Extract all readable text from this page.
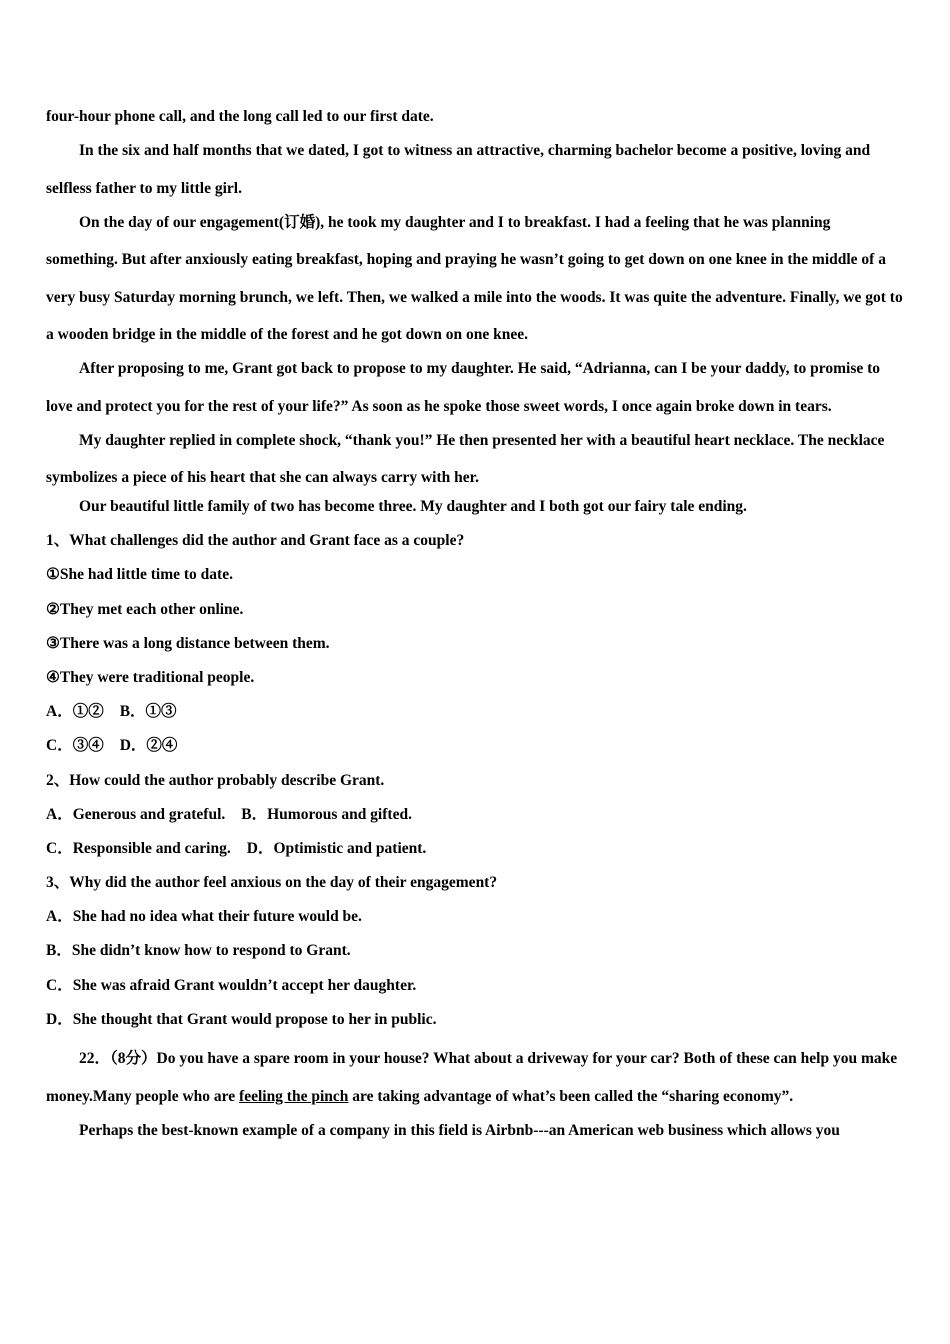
four-hour phone call, and the long call led to our first date.

In the six and half months that we dated, I got to witness an attractive, charming bachelor become a positive, loving and selfless father to my little girl.

On the day of our engagement(订婚), he took my daughter and I to breakfast. I had a feeling that he was planning something. But after anxiously eating breakfast, hoping and praying he wasn’t going to get down on one knee in the middle of a very busy Saturday morning brunch, we left. Then, we walked a mile into the woods. It was quite the adventure. Finally, we got to a wooden bridge in the middle of the forest and he got down on one knee.

After proposing to me, Grant got back to propose to my daughter. He said, “Adrianna, can I be your daddy, to promise to love and protect you for the rest of your life?” As soon as he spoke those sweet words, I once again broke down in tears.

My daughter replied in complete shock, “thank you!” He then presented her with a beautiful heart necklace. The necklace symbolizes a piece of his heart that she can always carry with her.

Our beautiful little family of two has become three. My daughter and I both got our fairy tale ending.

1、What challenges did the author and Grant face as a couple?

①She had little time to date.

②They met each other online.

③There was a long distance between them.

④They were traditional people.

A．①② B．①③

C．③④ D．②④

2、How could the author probably describe Grant.

A．Generous and grateful. B．Humorous and gifted.

C．Responsible and caring. D．Optimistic and patient.

3、Why did the author feel anxious on the day of their engagement?

A．She had no idea what their future would be.

B．She didn’t know how to respond to Grant.

C．She was afraid Grant wouldn’t accept her daughter.

D．She thought that Grant would propose to her in public.

22．（8分）Do you have a spare room in your house? What about a driveway for your car? Both of these can help you make money.Many people who are feeling the pinch are taking advantage of what’s been called the “sharing economy”.

Perhaps the best-known example of a company in this field is Airbnb---an American web business which allows you
